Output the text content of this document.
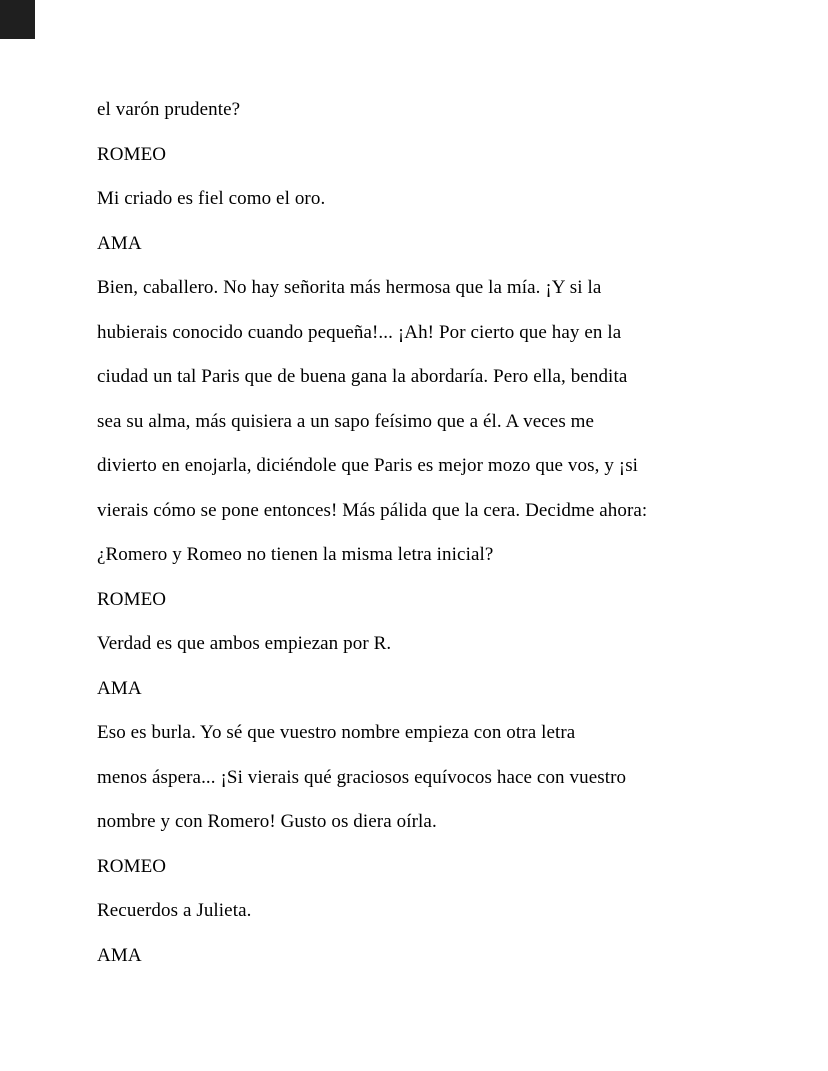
el varón prudente?
ROMEO
Mi criado es fiel como el oro.
AMA
Bien, caballero. No hay señorita más hermosa que la mía. ¡Y si la
hubierais conocido cuando pequeña!... ¡Ah! Por cierto que hay en la
ciudad un tal Paris que de buena gana la abordaría. Pero ella, bendita
sea su alma, más quisiera a un sapo feísimo que a él. A veces me
divierto en enojarla, diciéndole que Paris es mejor mozo que vos, y ¡si
vierais cómo se pone entonces! Más pálida que la cera. Decidme ahora:
¿Romero y Romeo no tienen la misma letra inicial?
ROMEO
Verdad es que ambos empiezan por R.
AMA
Eso es burla. Yo sé que vuestro nombre empieza con otra letra
menos áspera... ¡Si vierais qué graciosos equívocos hace con vuestro
nombre y con Romero! Gusto os diera oírla.
ROMEO
Recuerdos a Julieta.
AMA
